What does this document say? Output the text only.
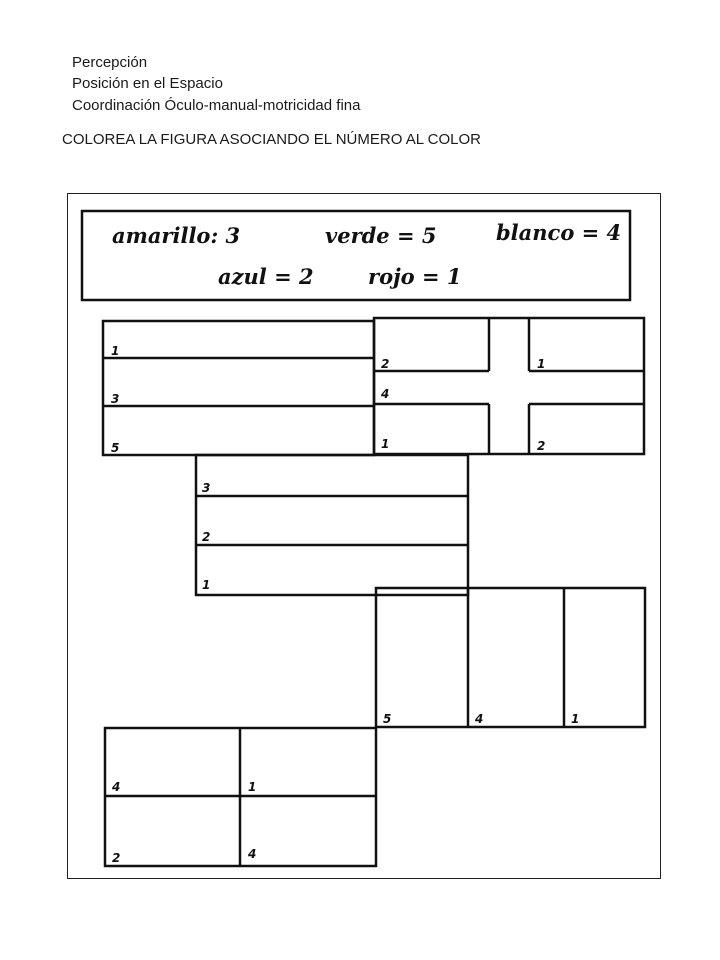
Percepción
Posición en el Espacio
Coordinación Óculo-manual-motricidad fina
COLOREA LA FIGURA ASOCIANDO EL NÚMERO AL COLOR
amarillo: 3	verde = 5	blanco = 4
azul = 2	rojo = 1
1
3
5
2
4
1
1
2
3
2
1
5	4	1
4	1
2	4
